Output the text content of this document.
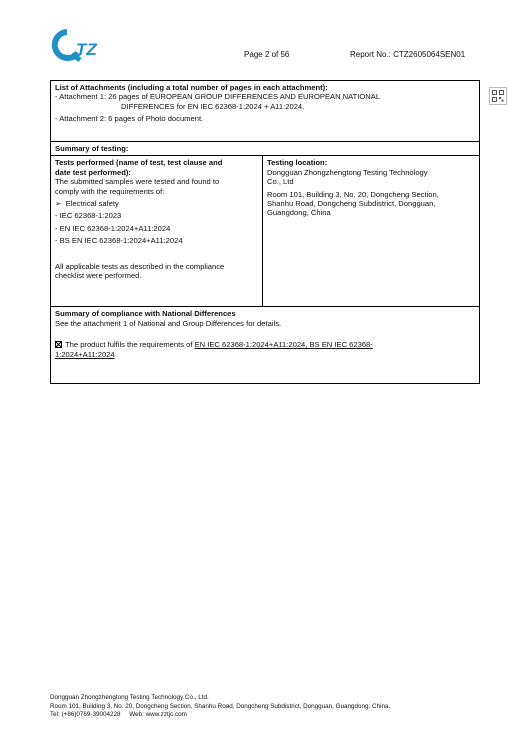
TZ	Page 2 of 56	Report No.: CTZ2605064SEN01

List of Attachments (including a total number of pages in each attachment):

- Attachment 1: 26 pages of EUROPEAN GROUP DIFFERENCES AND EUROPEAN NATIONAL

DIFFERENCES for EN IEC 62368-1:2024 + A11:2024.

- Attachment 2: 6 pages of Photo document.

Summary of testing:

Tests performed (name of test, test clause and

date test performed):

The submitted samples were tested and found to

comply with the requirements of:

➢ Electrical safety

- IEC 62368-1:2023

- EN IEC 62368-1:2024+A11:2024

- BS EN IEC 62368-1:2024+A11:2024

All applicable tests as described in the compliance

checklist were performed.

Testing location:

Dongguan Zhongzhengtong Testing Technology

Co., Ltd

Room 101, Building 3, No. 20, Dongcheng Section,

Shanhu Road, Dongcheng Subdistrict, Dongguan,

Guangdong, China

Summary of compliance with National Differences

See the attachment 1 of National and Group Differences for details.

The product fulfils the requirements of EN IEC 62368-1:2024+A11:2024, BS EN IEC 62368-

1:2024+A11:2024

Dongguan Zhongzhengtong Testing Technology Co., Ltd.

Room 101, Building 3, No. 20, Dongcheng Section, Shanhu Road, Dongcheng Subdistrict, Dongguan, Guangdong, China.

Tel: (+86)0769-39004228     Web: www.zztjc.com
